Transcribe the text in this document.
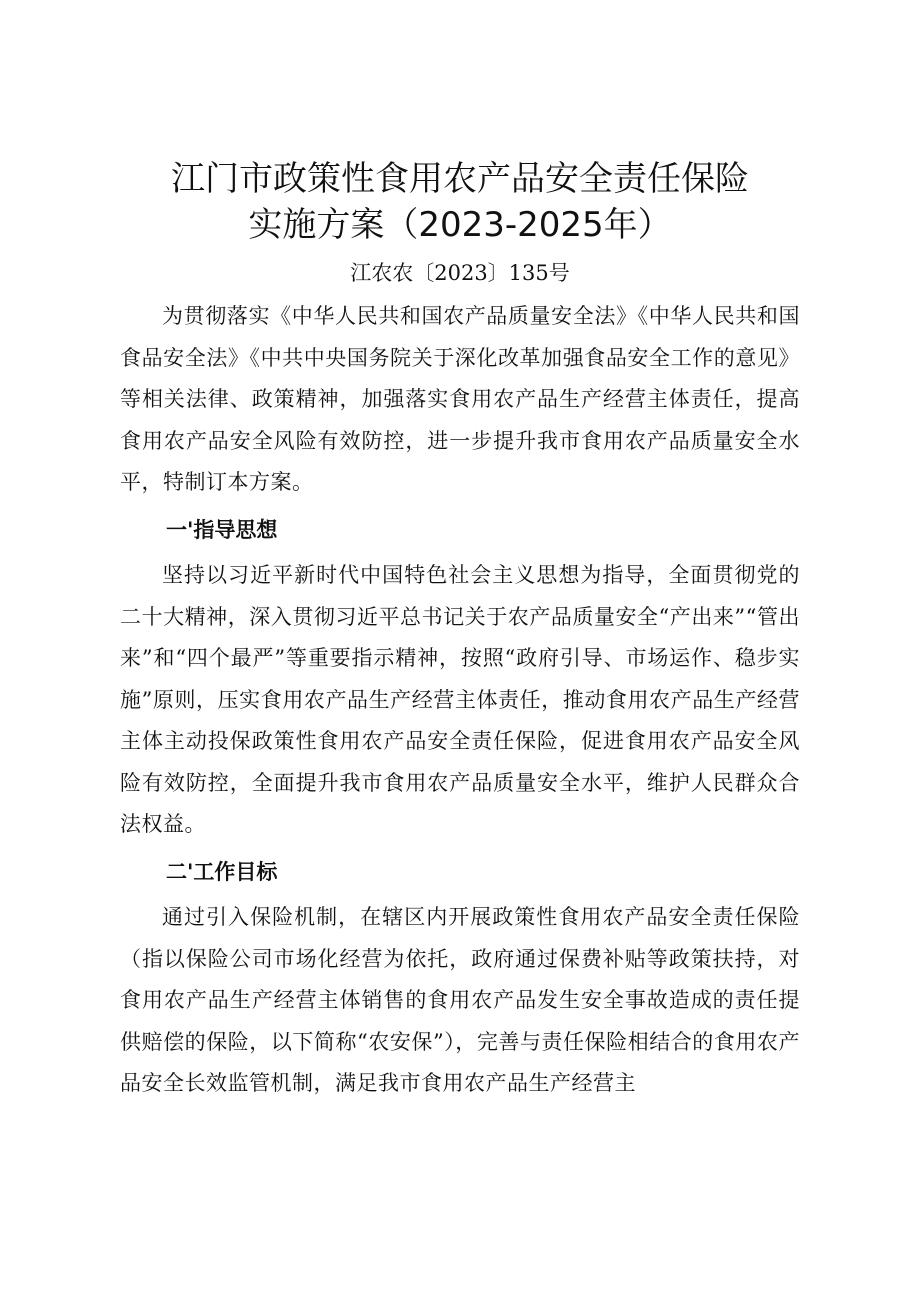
江门市政策性食用农产品安全责任保险
实施方案（2023-2025年）
江农农〔2023〕135号

为贯彻落实《中华人民共和国农产品质量安全法》《中华人民共和国食品安全法》《中共中央国务院关于深化改革加强食品安全工作的意见》等相关法律、政策精神，加强落实食用农产品生产经营主体责任，提高食用农产品安全风险有效防控，进一步提升我市食用农产品质量安全水平，特制订本方案。

一'指导思想

坚持以习近平新时代中国特色社会主义思想为指导，全面贯彻党的二十大精神，深入贯彻习近平总书记关于农产品质量安全“产出来”“管出来”和“四个最严”等重要指示精神，按照“政府引导、市场运作、稳步实施”原则，压实食用农产品生产经营主体责任，推动食用农产品生产经营主体主动投保政策性食用农产品安全责任保险，促进食用农产品安全风险有效防控，全面提升我市食用农产品质量安全水平，维护人民群众合法权益。

二'工作目标

通过引入保险机制，在辖区内开展政策性食用农产品安全责任保险（指以保险公司市场化经营为依托，政府通过保费补贴等政策扶持，对食用农产品生产经营主体销售的食用农产品发生安全事故造成的责任提供赔偿的保险，以下简称“农安保”），完善与责任保险相结合的食用农产品安全长效监管机制，满足我市食用农产品生产经营主
